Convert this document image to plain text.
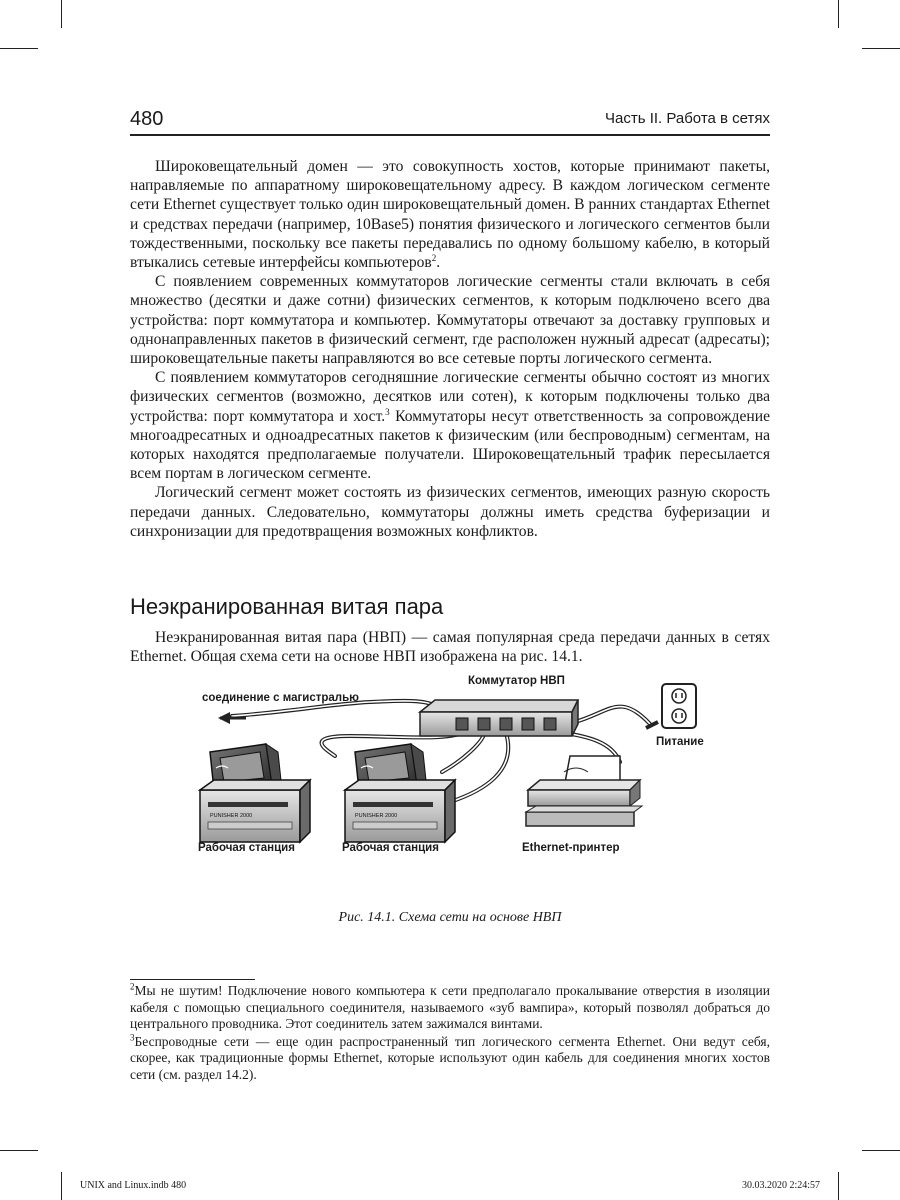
480	Часть II. Работа в сетях

Широковещательный домен — это совокупность хостов, которые принимают пакеты, направляемые по аппаратному широковещательному адресу. В каждом логическом сегменте сети Ethernet существует только один широковещательный домен. В ранних стандартах Ethernet и средствах передачи (например, 10Base5) понятия физического и логического сегментов были тождественными, поскольку все пакеты передавались по одному большому кабелю, в который втыкались сетевые интерфейсы компьютеров$^2$.

С появлением современных коммутаторов логические сегменты стали включать в себя множество (десятки и даже сотни) физических сегментов, к которым подключено всего два устройства: порт коммутатора и компьютер. Коммутаторы отвечают за доставку групповых и однонаправленных пакетов в физический сегмент, где расположен нужный адресат (адресаты); широковещательные пакеты направляются во все сетевые порты логического сегмента.

С появлением коммутаторов сегодняшние логические сегменты обычно состоят из многих физических сегментов (возможно, десятков или сотен), к которым подключены только два устройства: порт коммутатора и хост.$^3$ Коммутаторы несут ответственность за сопровождение многоадресатных и одноадресатных пакетов к физическим (или беспроводным) сегментам, на которых находятся предполагаемые получатели. Широковещательный трафик пересылается всем портам в логическом сегменте.

Логический сегмент может состоять из физических сегментов, имеющих разную скорость передачи данных. Следовательно, коммутаторы должны иметь средства буферизации и синхронизации для предотвращения возможных конфликтов.

Неэкранированная витая пара

Неэкранированная витая пара (НВП) — самая популярная среда передачи данных в сетях Ethernet. Общая схема сети на основе НВП изображена на рис. 14.1.

PUNISHER 2000	PUNISHER 2000
Коммутатор НВП
соединение с магистралью
Питание
Рабочая станция	Рабочая станция	Ethernet-принтер
Рис. 14.1. Схема сети на основе НВП

$^2$Мы не шутим! Подключение нового компьютера к сети предполагало прокалывание отверстия в изоляции кабеля с помощью специального соединителя, называемого «зуб вампира», который позволял добраться до центрального проводника. Этот соединитель затем зажимался винтами.

$^3$Беспроводные сети — еще один распространенный тип логического сегмента Ethernet. Они ведут себя, скорее, как традиционные формы Ethernet, которые используют один кабель для соединения многих хостов сети (см. раздел 14.2).

UNIX and Linux.indb 480	30.03.2020 2:24:57
